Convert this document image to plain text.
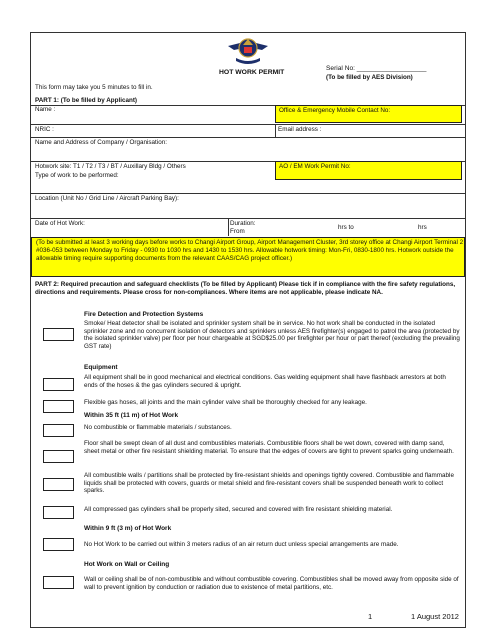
This form may take you 5 minutes to fill in.
HOT WORK PERMIT
Serial No: ___________________
(To be filled by AES Division)
PART 1: (To be filled by Applicant)
Name :	Office & Emergency Mobile Contact No:
NRIC :	Email address :
Name and Address of Company / Organisation:
Hotwork site: T1 / T2 / T3 / BT / Auxillary Bldg / Others
Type of work to be performed:
AO / EM Work Permit No:
Location (Unit No / Grid Line / Aircraft Parking Bay):
Date of Hot Work:	Duration:
From
hrs to	hrs
(To be submitted at least 3 working days before works to Changi Airport Group, Airport Management Cluster, 3rd storey office at Changi Airport Terminal 2 #036-053 between Monday to Friday - 0930 to 1030 hrs and 1430 to 1530 hrs. Allowable hotwork timing: Mon-Fri, 0830-1800 hrs. Hotwork outside the allowable timing require supporting documents from the relevant CAAS/CAG project officer.)
PART 2: Required precaution and safeguard checklists (To be filled by Applicant) Please tick if in compliance with the fire safety regulations, directions and requirements. Please cross for non-compliances. Where items are not applicable, please indicate NA.
Fire Detection and Protection Systems
Smoke/ Heat detector shall be isolated and sprinkler system shall be in service. No hot work shall be conducted in the isolated sprinkler zone and no concurrent isolation of detectors and sprinklers unless AES firefighter(s) engaged to patrol the area (protected by the isolated sprinkler valve) per floor per hour chargeable at SGD$25.00 per firefighter per hour or part thereof (excluding the prevailing GST rate)
Equipment
All equipment shall be in good mechanical and electrical conditions. Gas welding equipment shall have flashback arrestors at both ends of the hoses & the gas cylinders secured & upright.
Flexible gas hoses, all joints and the main cylinder valve shall be thoroughly checked for any leakage.
Within 35 ft (11 m) of Hot Work
No combustible or flammable materials / substances.
Floor shall be swept clean of all dust and combustibles materials. Combustible floors shall be wet down, covered with damp sand, sheet metal or other fire resistant shielding material. To ensure that the edges of covers are tight to prevent sparks going underneath.
All combustible walls / partitions shall be protected by fire-resistant shields and openings tightly covered. Combustible and flammable liquids shall be protected with covers, guards or metal shield and fire-resistant covers shall be suspended beneath work to collect sparks.
All compressed gas cylinders shall be properly sited, secured and covered with fire resistant shielding material.
Within 9 ft (3 m) of Hot Work
No Hot Work to be carried out within 3 meters radius of an air return duct unless special arrangements are made.
Hot Work on Wall or Ceiling
Wall or ceiling shall be of non-combustible and without combustible covering. Combustibles shall be moved away from opposite side of wall to prevent ignition by conduction or radiation due to existence of metal partitions, etc.
1	1 August 2012
